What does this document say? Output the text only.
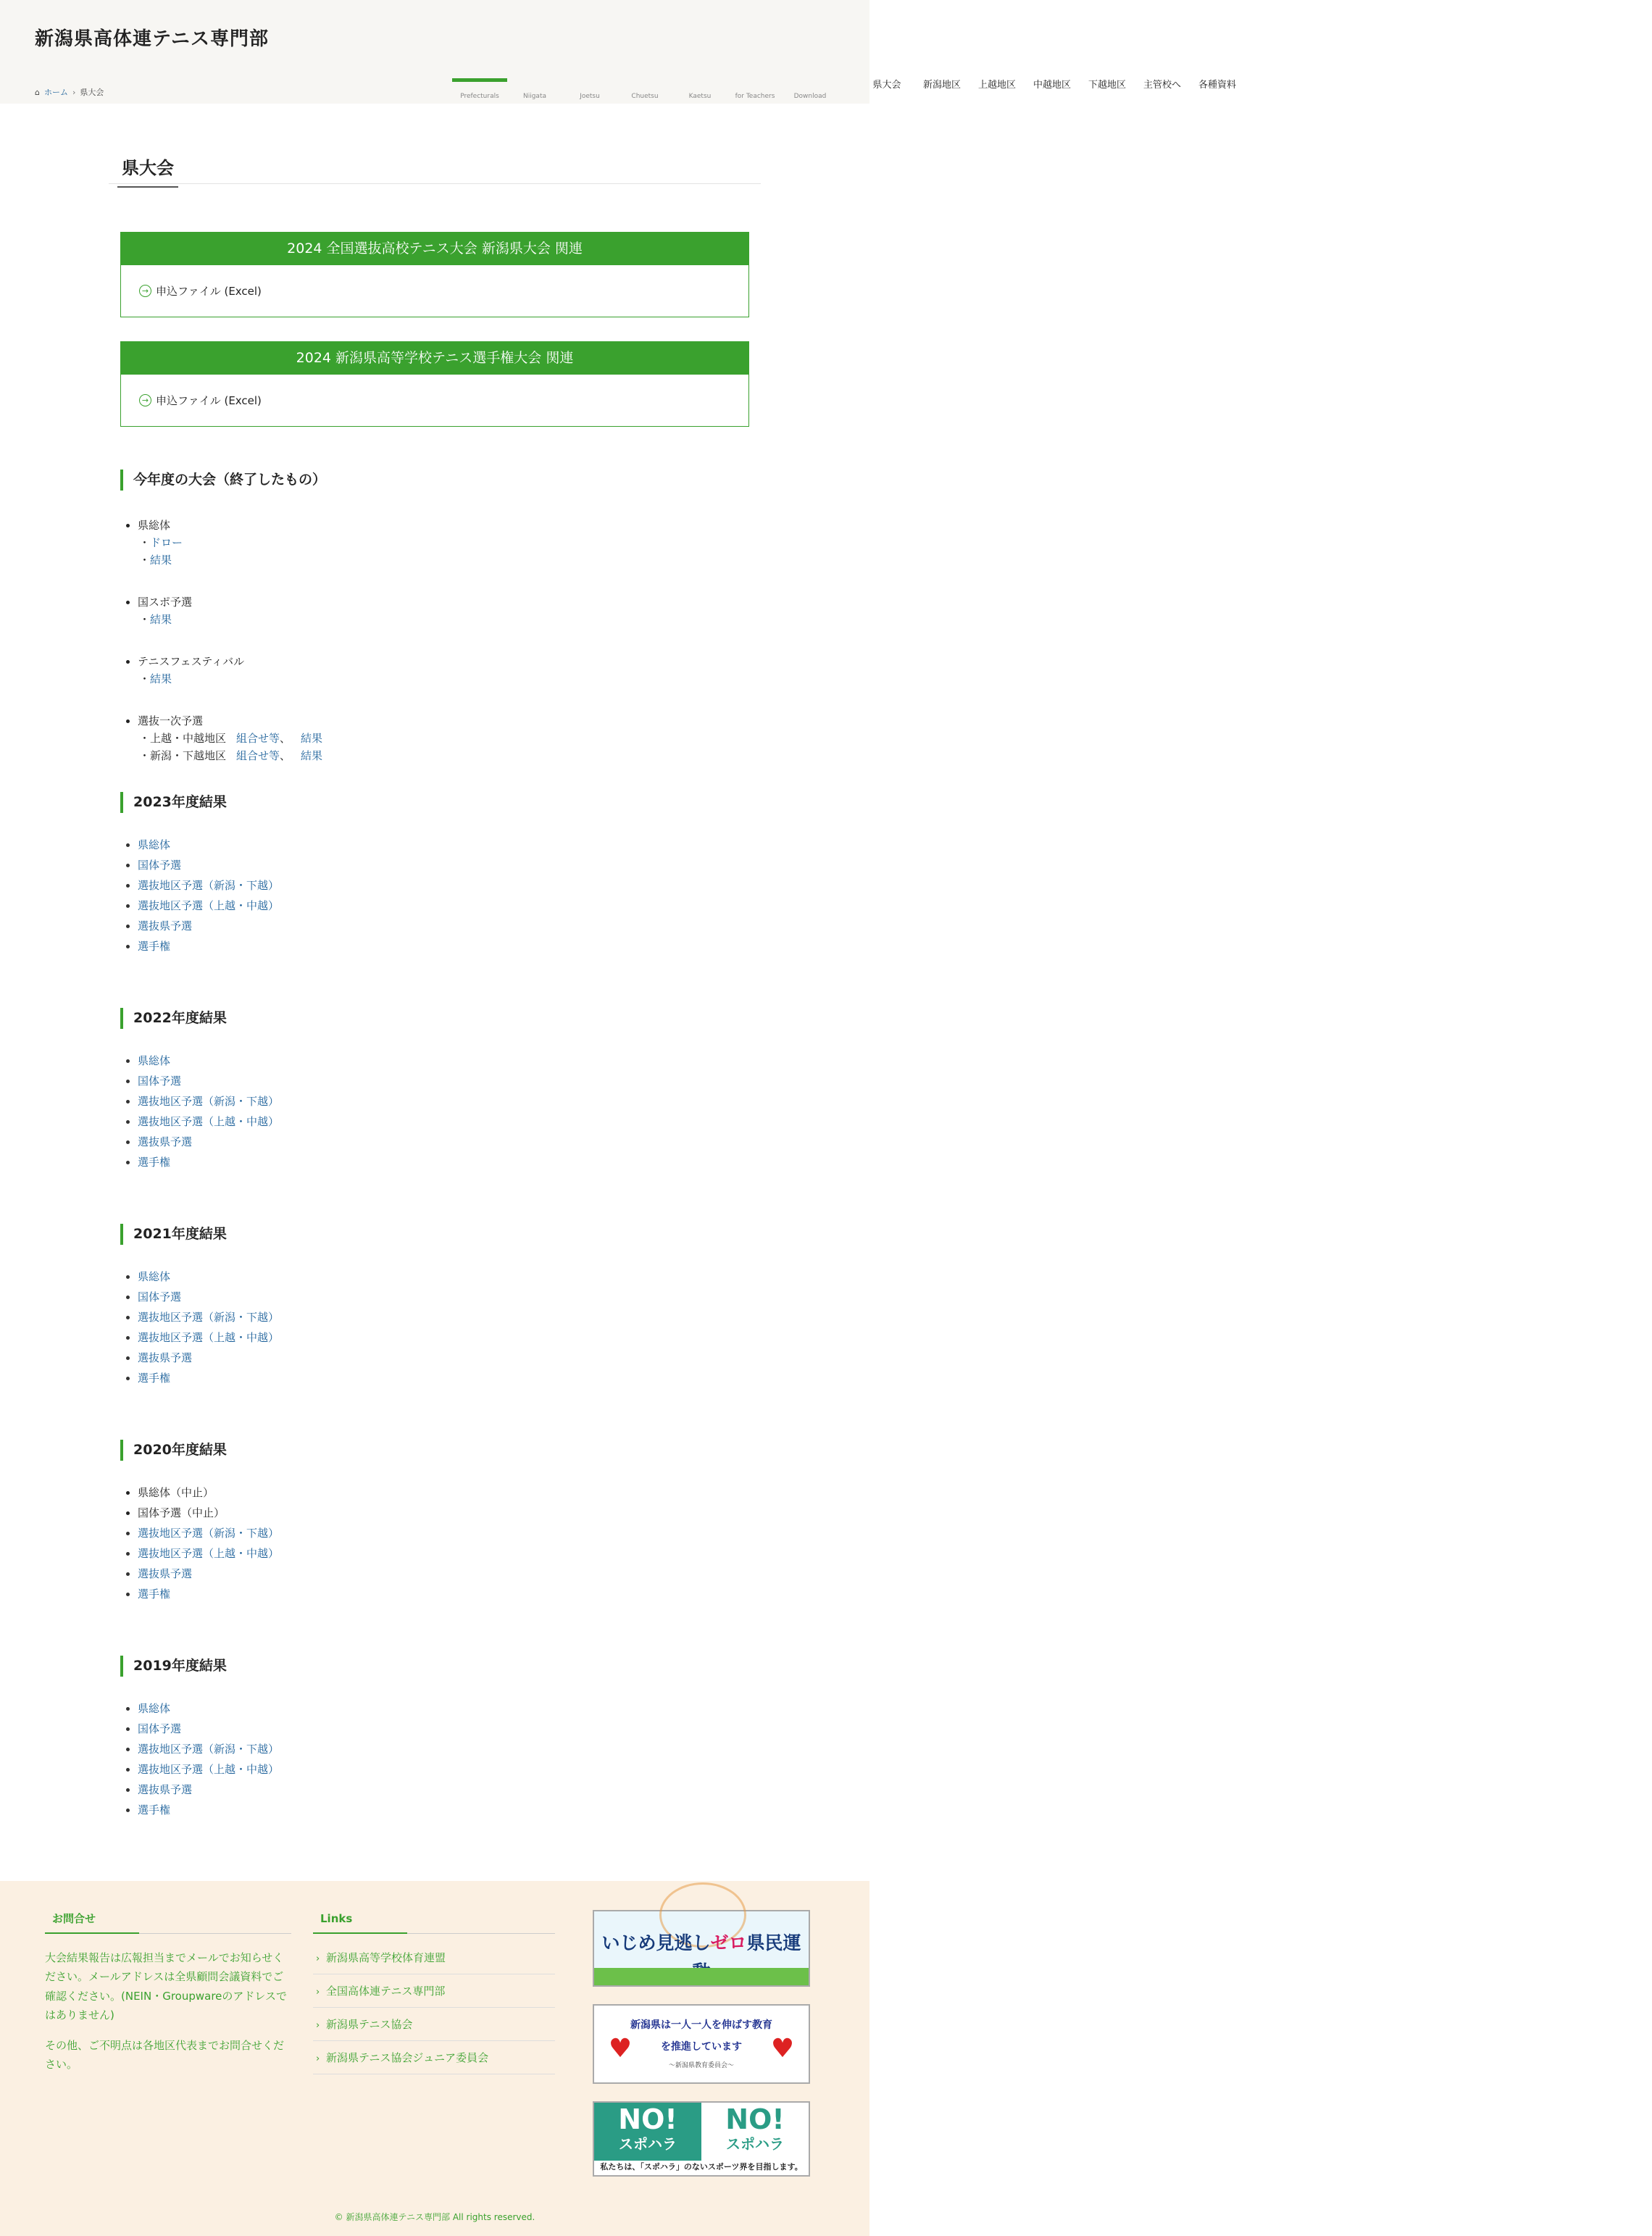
新潟県高体連テニス専門部
県大会
Prefecturals
新潟地区
Niigata
上越地区
Joetsu
中越地区
Chuetsu
下越地区
Kaetsu
主管校へ
for Teachers
各種資料
Download
⌂ ホーム › 県大会
県大会
2024 全国選抜高校テニス大会 新潟県大会 関連
→ 申込ファイル (Excel)
2024 新潟県高等学校テニス選手権大会 関連
→ 申込ファイル (Excel)
今年度の大会（終了したもの）
• 県総体
・ドロー
・結果
• 国スポ予選
・結果
• テニスフェスティバル
・結果
• 選抜一次予選
・上越・中越地区 組合せ等、 結果
・新潟・下越地区 組合せ等、 結果
2023年度結果
• 県総体
• 国体予選
• 選抜地区予選（新潟・下越）
• 選抜地区予選（上越・中越）
• 選抜県予選
• 選手権
2022年度結果
• 県総体
• 国体予選
• 選抜地区予選（新潟・下越）
• 選抜地区予選（上越・中越）
• 選抜県予選
• 選手権
2021年度結果
• 県総体
• 国体予選
• 選抜地区予選（新潟・下越）
• 選抜地区予選（上越・中越）
• 選抜県予選
• 選手権
2020年度結果
• 県総体（中止）
• 国体予選（中止）
• 選抜地区予選（新潟・下越）
• 選抜地区予選（上越・中越）
• 選抜県予選
• 選手権
2019年度結果
• 県総体
• 国体予選
• 選抜地区予選（新潟・下越）
• 選抜地区予選（上越・中越）
• 選抜県予選
• 選手権
お問合せ

大会結果報告は広報担当までメールでお知らせください。メールアドレスは全県顧問会議資料でご確認ください。(NEIN・Groupwareのアドレスではありません)

その他、ご不明点は各地区代表までお問合せください。

Links
› 新潟県高等学校体育連盟
› 全国高体連テニス専門部
› 新潟県テニス協会
› 新潟県テニス協会ジュニア委員会
いじめ見逃しゼロ県民運
♥	♥
新潟県は一人一人を伸ばす教育
を推進しています
〜新潟県教育委員会〜
NO!
スポハラ
NO!
スポハラ
私たちは、「スポハラ」のないスポーツ界を目指します。
© 新潟県高体連テニス専門部 All rights reserved.
